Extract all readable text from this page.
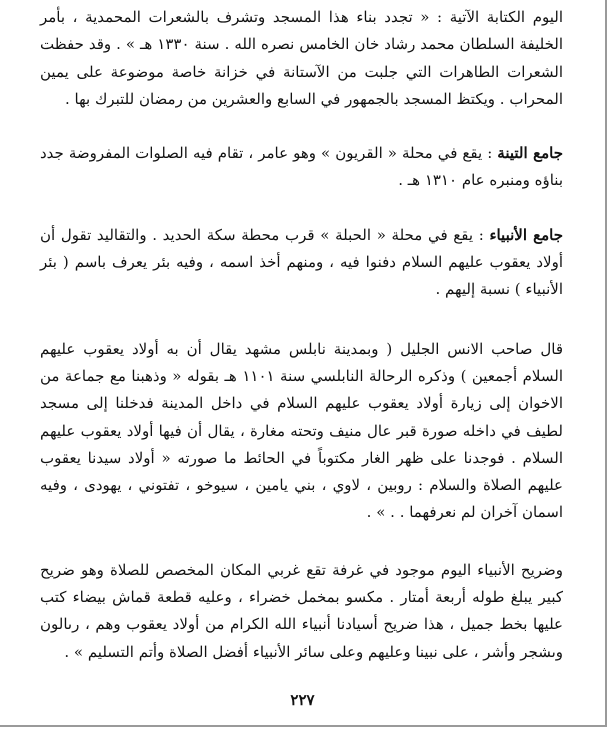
اليوم الكتابة الآتية : « تجدد بناء هذا المسجد وتشرف بالشعرات المحمدية ، بأمر الخليفة السلطان محمد رشاد خان الخامس نصره الله . سنة ١٣٣٠ هـ » . وقد حفظت الشعرات الطاهرات التي جلبت من الآستانة في خزانة خاصة موضوعة على يمين المحراب . ويكتظ المسجد بالجمهور في السابع والعشرين من رمضان للتبرك بها .

جامع التينة : يقع في محلة « القريون » وهو عامر ، تقام فيه الصلوات المفروضة جدد بناؤه ومنبره عام ١٣١٠ هـ .

جامع الأنبياء : يقع في محلة « الحبلة » قرب محطة سكة الحديد . والتقاليد تقول أن أولاد يعقوب عليهم السلام دفنوا فيه ، ومنهم أخذ اسمه ، وفيه بئر يعرف باسم ( بئر الأنبياء ) نسبة إليهم .

قال صاحب الانس الجليل ( وبمدينة نابلس مشهد يقال أن به أولاد يعقوب عليهم السلام أجمعين ) وذكره الرحالة النابلسي سنة ١١٠١ هـ بقوله « وذهبنا مع جماعة من الاخوان إلى زيارة أولاد يعقوب عليهم السلام في داخل المدينة فدخلنا إلى مسجد لطيف في داخله صورة قبر عال منيف وتحته مغارة ، يقال أن فيها أولاد يعقوب عليهم السلام . فوجدنا على ظهر الغار مكتوباً في الحائط ما صورته « أولاد سيدنا يعقوب عليهم الصلاة والسلام : روبين ، لاوي ، بني يامين ، سيوخو ، تفتوني ، يهودى ، وفيه اسمان آخران لم نعرفهما . . » .

وضريح الأنبياء اليوم موجود في غرفة تقع غربي المكان المخصص للصلاة وهو ضريح كبير يبلغ طوله أربعة أمتار . مكسو بمخمل خضراء ، وعليه قطعة قماش بيضاء كتب عليها بخط جميل ، هذا ضريح أسيادنا أنبياء الله الكرام من أولاد يعقوب وهم ، رىالون وىشجر وأشر ، على نبينا وعليهم وعلى سائر الأنبياء أفضل الصلاة وأتم التسليم » .

٢٢٧
